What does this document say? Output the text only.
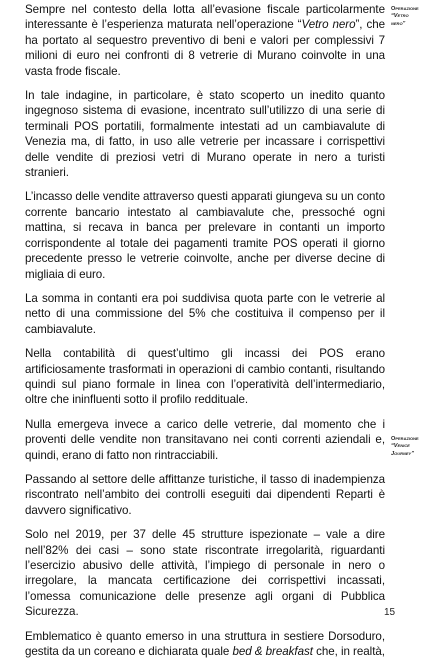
Sempre nel contesto della lotta all’evasione fiscale particolarmente interessante è l’esperienza maturata nell’operazione “Vetro nero”, che ha portato al sequestro preventivo di beni e valori per complessivi 7 milioni di euro nei confronti di 8 vetrerie di Murano coinvolte in una vasta frode fiscale.

In tale indagine, in particolare, è stato scoperto un inedito quanto ingegnoso sistema di evasione, incentrato sull’utilizzo di una serie di terminali POS portatili, formalmente intestati ad un cambiavalute di Venezia ma, di fatto, in uso alle vetrerie per incassare i corrispettivi delle vendite di preziosi vetri di Murano operate in nero a turisti stranieri.

L’incasso delle vendite attraverso questi apparati giungeva su un conto corrente bancario intestato al cambiavalute che, pressoché ogni mattina, si recava in banca per prelevare in contanti un importo corrispondente al totale dei pagamenti tramite POS operati il giorno precedente presso le vetrerie coinvolte, anche per diverse decine di migliaia di euro.

La somma in contanti era poi suddivisa quota parte con le vetrerie al netto di una commissione del 5% che costituiva il compenso per il cambiavalute.

Nella contabilità di quest’ultimo gli incassi dei POS erano artificiosamente trasformati in operazioni di cambio contanti, risultando quindi sul piano formale in linea con l’operatività dell’intermediario, oltre che ininfluenti sotto il profilo reddituale.

Nulla emergeva invece a carico delle vetrerie, dal momento che i proventi delle vendite non transitavano nei conti correnti aziendali e, quindi, erano di fatto non rintracciabili.

Passando al settore delle affittanze turistiche, il tasso di inadempienza riscontrato nell’ambito dei controlli eseguiti dai dipendenti Reparti è davvero significativo.

Solo nel 2019, per 37 delle 45 strutture ispezionate – vale a dire nell’82% dei casi – sono state riscontrate irregolarità, riguardanti l’esercizio abusivo delle attività, l’impiego di personale in nero o irregolare, la mancata certificazione dei corrispettivi incassati, l’omessa comunicazione delle presenze agli organi di Pubblica Sicurezza.

Emblematico è quanto emerso in una struttura in sestiere Dorsoduro, gestita da un coreano e dichiarata quale bed & breakfast che, in realtà,

Operazione
“Vetro
nero”
Operazione
“Venice
Journey”
15
